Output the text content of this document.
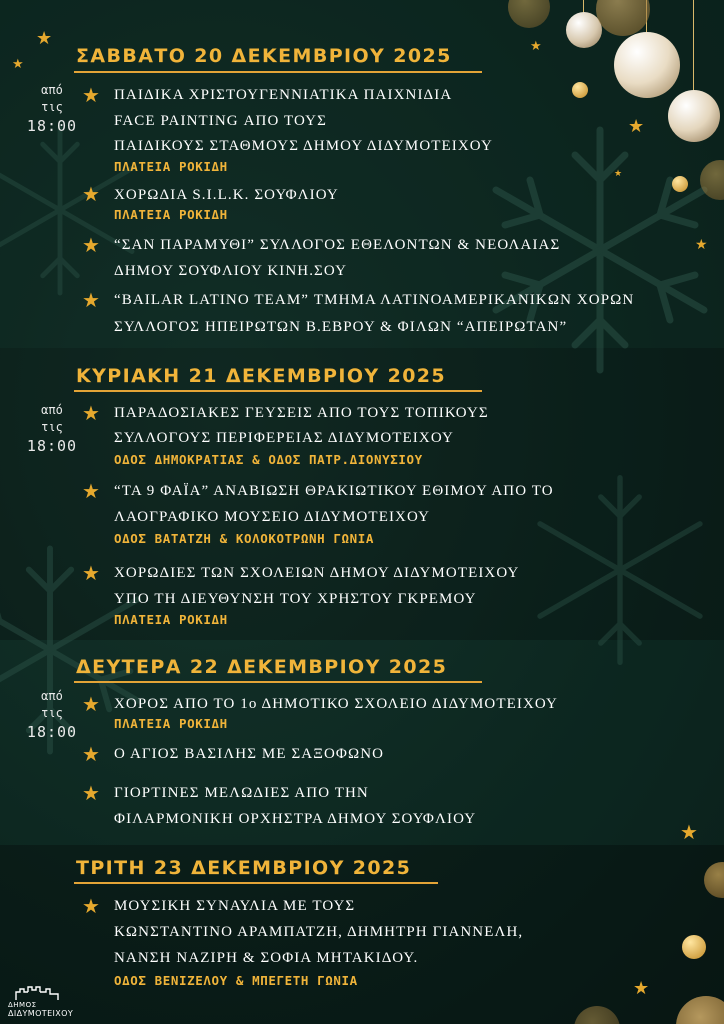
★
★
★
★
★
★
★
★
ΣΑΒΒΑΤΟ 20 ΔΕΚΕΜΒΡΙΟΥ 2025
από
τις
18:00
★ ΠΑΙΔΙΚΑ ΧΡΙΣΤΟΥΓΕΝΝΙΑΤΙΚΑ ΠΑΙΧΝΙΔΙΑ
FACE PAINTING ΑΠΟ ΤΟΥΣ
ΠΑΙΔΙΚΟΥΣ ΣΤΑΘΜΟΥΣ ΔΗΜΟΥ ΔΙΔΥΜΟΤΕΙΧΟΥ
ΠΛΑΤΕΙΑ ΡΟΚΙΔΗ
★ ΧΟΡΩΔΙΑ S.I.L.K. ΣΟΥΦΛΙΟΥ
ΠΛΑΤΕΙΑ ΡΟΚΙΔΗ
★ “ΣΑΝ ΠΑΡΑΜΥΘΙ” ΣΥΛΛΟΓΟΣ ΕΘΕΛΟΝΤΩΝ & ΝΕΟΛΑΙΑΣ
ΔΗΜΟΥ ΣΟΥΦΛΙΟΥ ΚΙΝΗ.ΣΟΥ
★ “BAILAR LATINO TEAM” ΤΜΗΜΑ ΛΑΤΙΝΟΑΜΕΡΙΚΑΝΙΚΩΝ ΧΟΡΩΝ
ΣΥΛΛΟΓΟΣ ΗΠΕΙΡΩΤΩΝ Β.ΕΒΡΟΥ & ΦΙΛΩΝ “ΑΠΕΙΡΩΤΑΝ”
ΚΥΡΙΑΚΗ 21 ΔΕΚΕΜΒΡΙΟΥ 2025
από
τις
18:00
★ ΠΑΡΑΔΟΣΙΑΚΕΣ ΓΕΥΣΕΙΣ ΑΠΟ ΤΟΥΣ ΤΟΠΙΚΟΥΣ
ΣΥΛΛΟΓΟΥΣ ΠΕΡΙΦΕΡΕΙΑΣ ΔΙΔΥΜΟΤΕΙΧΟΥ
ΟΔΟΣ ΔΗΜΟΚΡΑΤΙΑΣ & ΟΔΟΣ ΠΑΤΡ.ΔΙΟΝΥΣΙΟΥ
★ “ΤΑ 9 ΦΑΪΑ” ΑΝΑΒΙΩΣΗ ΘΡΑΚΙΩΤΙΚΟΥ ΕΘΙΜΟΥ ΑΠΟ ΤΟ
ΛΑΟΓΡΑΦΙΚΟ ΜΟΥΣΕΙΟ ΔΙΔΥΜΟΤΕΙΧΟΥ
ΟΔΟΣ ΒΑΤΑΤΖΗ & ΚΟΛΟΚΟΤΡΩΝΗ ΓΩΝΙΑ
★ ΧΟΡΩΔΙΕΣ ΤΩΝ ΣΧΟΛΕΙΩΝ ΔΗΜΟΥ ΔΙΔΥΜΟΤΕΙΧΟΥ
ΥΠΟ ΤΗ ΔΙΕΥΘΥΝΣΗ ΤΟΥ ΧΡΗΣΤΟΥ ΓΚΡΕΜΟΥ
ΠΛΑΤΕΙΑ ΡΟΚΙΔΗ
ΔΕΥΤΕΡΑ 22 ΔΕΚΕΜΒΡΙΟΥ 2025
από
τις
18:00
★ ΧΟΡΟΣ ΑΠΟ ΤΟ 1ο ΔΗΜΟΤΙΚΟ ΣΧΟΛΕΙΟ ΔΙΔΥΜΟΤΕΙΧΟΥ
ΠΛΑΤΕΙΑ ΡΟΚΙΔΗ
★ Ο ΑΓΙΟΣ ΒΑΣΙΛΗΣ ΜΕ ΣΑΞΟΦΩΝΟ
★ ΓΙΟΡΤΙΝΕΣ ΜΕΛΩΔΙΕΣ ΑΠΟ ΤΗΝ
ΦΙΛΑΡΜΟΝΙΚΗ ΟΡΧΗΣΤΡΑ ΔΗΜΟΥ ΣΟΥΦΛΙΟΥ
ΤΡΙΤΗ 23 ΔΕΚΕΜΒΡΙΟΥ 2025
★ ΜΟΥΣΙΚΗ ΣΥΝΑΥΛΙΑ ΜΕ ΤΟΥΣ
ΚΩΝΣΤΑΝΤΙΝΟ ΑΡΑΜΠΑΤΖΗ, ΔΗΜΗΤΡΗ ΓΙΑΝΝΕΛΗ,
ΝΑΝΣΗ ΝΑΖΙΡΗ & ΣΟΦΙΑ ΜΗΤΑΚΙΔΟΥ.
ΟΔΟΣ ΒΕΝΙΖΕΛΟΥ & ΜΠΕΓΕΤΗ ΓΩΝΙΑ
ΔΗΜΟΣ
ΔΙΔΥΜΟΤΕΙΧΟΥ
